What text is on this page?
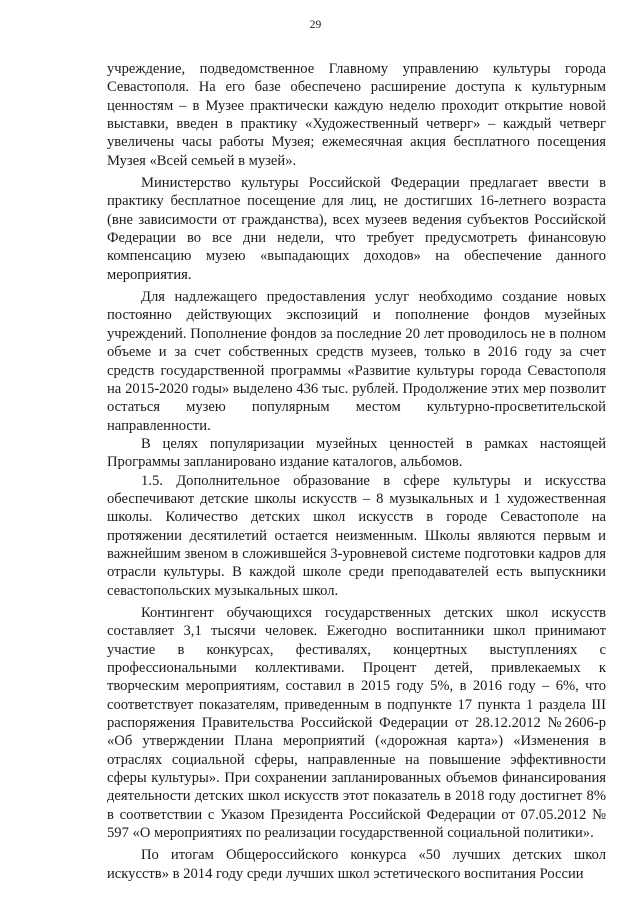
29

учреждение, подведомственное Главному управлению культуры города Севастополя. На его базе обеспечено расширение доступа к культурным ценностям – в Музее практически каждую неделю проходит открытие новой выставки, введен в практику «Художественный четверг» – каждый четверг увеличены часы работы Музея; ежемесячная акция бесплатного посещения Музея «Всей семьей в музей».

Министерство культуры Российской Федерации предлагает ввести в практику бесплатное посещение для лиц, не достигших 16-летнего возраста (вне зависимости от гражданства), всех музеев ведения субъектов Российской Федерации во все дни недели, что требует предусмотреть финансовую компенсацию музею «выпадающих доходов» на обеспечение данного мероприятия.

Для надлежащего предоставления услуг необходимо создание новых постоянно действующих экспозиций и пополнение фондов музейных учреждений. Пополнение фондов за последние 20 лет проводилось не в полном объеме и за счет собственных средств музеев, только в 2016 году за счет средств государственной программы «Развитие культуры города Севастополя на 2015-2020 годы» выделено 436 тыс. рублей. Продолжение этих мер позволит остаться музею популярным местом культурно-просветительской направленности.

В целях популяризации музейных ценностей в рамках настоящей Программы запланировано издание каталогов, альбомов.

1.5. Дополнительное образование в сфере культуры и искусства обеспечивают детские школы искусств – 8 музыкальных и 1 художественная школы. Количество детских школ искусств в городе Севастополе на протяжении десятилетий остается неизменным. Школы являются первым и важнейшим звеном в сложившейся 3-уровневой системе подготовки кадров для отрасли культуры. В каждой школе среди преподавателей есть выпускники севастопольских музыкальных школ.

Контингент обучающихся государственных детских школ искусств составляет 3,1 тысячи человек. Ежегодно воспитанники школ принимают участие в конкурсах, фестивалях, концертных выступлениях с профессиональными коллективами. Процент детей, привлекаемых к творческим мероприятиям, составил в 2015 году 5%, в 2016 году – 6%, что соответствует показателям, приведенным в подпункте 17 пункта 1 раздела III распоряжения Правительства Российской Федерации от 28.12.2012 №2606-р «Об утверждении Плана мероприятий («дорожная карта») «Изменения в отраслях социальной сферы, направленные на повышение эффективности сферы культуры». При сохранении запланированных объемов финансирования деятельности детских школ искусств этот показатель в 2018 году достигнет 8% в соответствии с Указом Президента Российской Федерации от 07.05.2012 № 597 «О мероприятиях по реализации государственной социальной политики».

По итогам Общероссийского конкурса «50 лучших детских школ искусств» в 2014 году среди лучших школ эстетического воспитания России
